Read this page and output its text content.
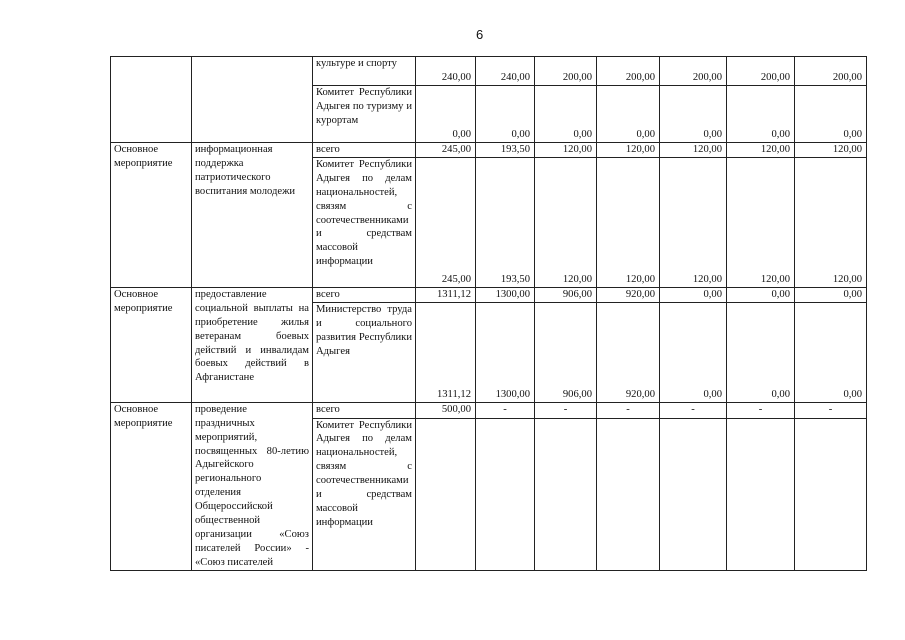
6
		культуре и спорту	240,00	240,00	200,00	200,00	200,00	200,00	200,00
		Комитет Республики Адыгея по туризму и курортам	0,00	0,00	0,00	0,00	0,00	0,00	0,00
Основное мероприятие	информационная поддержка патриотического воспитания молодежи	всего	245,00	193,50	120,00	120,00	120,00	120,00	120,00
		Комитет Республики Адыгея по делам национальностей, связям с соотечественниками и средствам массовой информации	245,00	193,50	120,00	120,00	120,00	120,00	120,00
Основное мероприятие	предоставление социальной выплаты на приобретение жилья ветеранам боевых действий и инвалидам боевых действий в Афганистане	всего	1311,12	1300,00	906,00	920,00	0,00	0,00	0,00
		Министерство труда и социального развития Республики Адыгея	1311,12	1300,00	906,00	920,00	0,00	0,00	0,00
Основное мероприятие	проведение праздничных мероприятий, посвященных 80-летию Адыгейского регионального отделения Общероссийской общественной организации «Союз писателей России» - «Союз писателей	всего	500,00	-	-	-	-	-	-
		Комитет Республики Адыгея по делам национальностей, связям с соотечественниками и средствам массовой информации							
